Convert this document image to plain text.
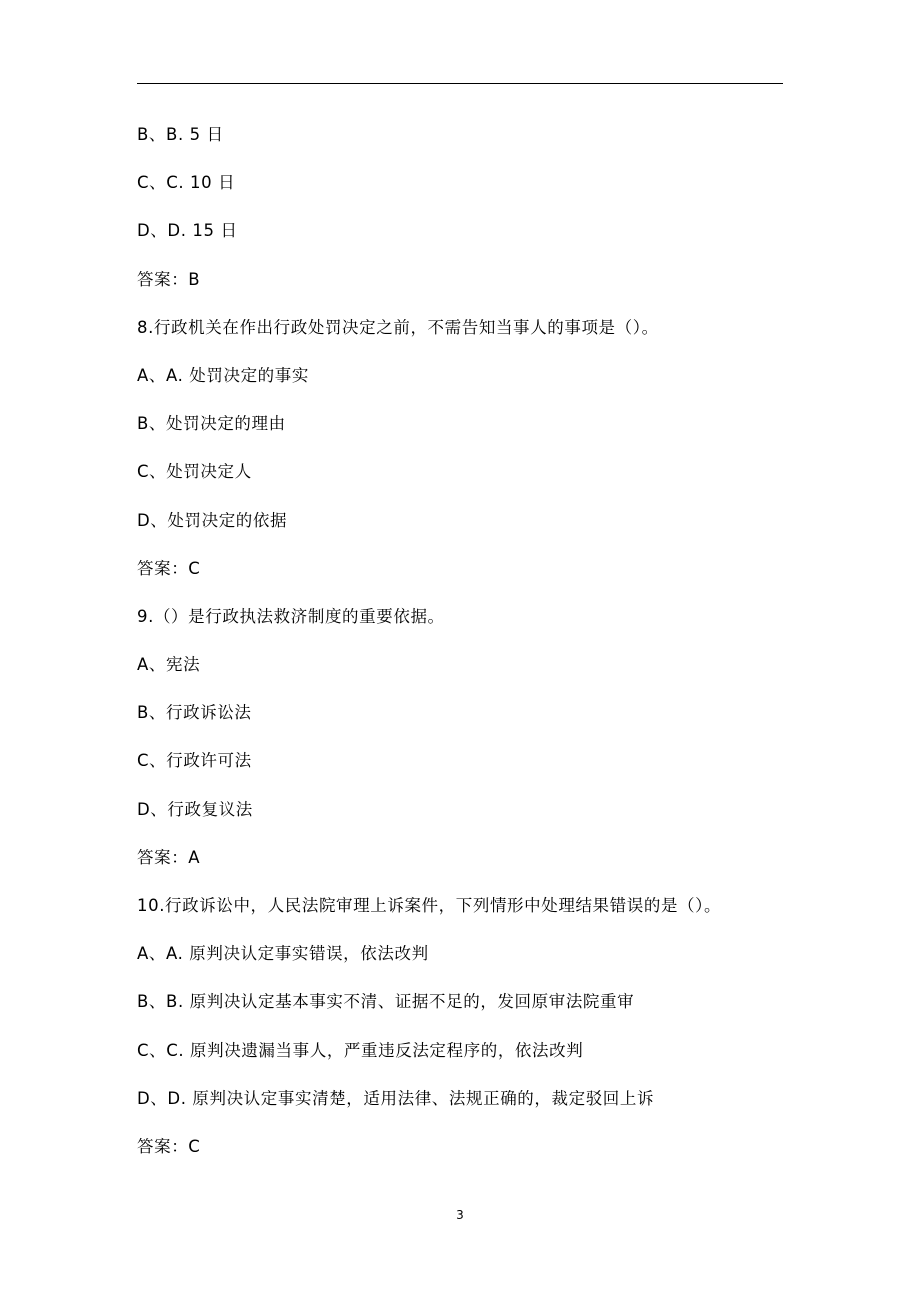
B、B. 5 日
C、C. 10 日
D、D. 15 日
答案：B
8.行政机关在作出行政处罚决定之前，不需告知当事人的事项是（）。
A、A. 处罚决定的事实
B、处罚决定的理由
C、处罚决定人
D、处罚决定的依据
答案：C
9.（）是行政执法救济制度的重要依据。
A、宪法
B、行政诉讼法
C、行政许可法
D、行政复议法
答案：A
10.行政诉讼中，人民法院审理上诉案件，下列情形中处理结果错误的是（）。
A、A. 原判决认定事实错误，依法改判
B、B. 原判决认定基本事实不清、证据不足的，发回原审法院重审
C、C. 原判决遗漏当事人，严重违反法定程序的，依法改判
D、D. 原判决认定事实清楚，适用法律、法规正确的，裁定驳回上诉
答案：C
3
